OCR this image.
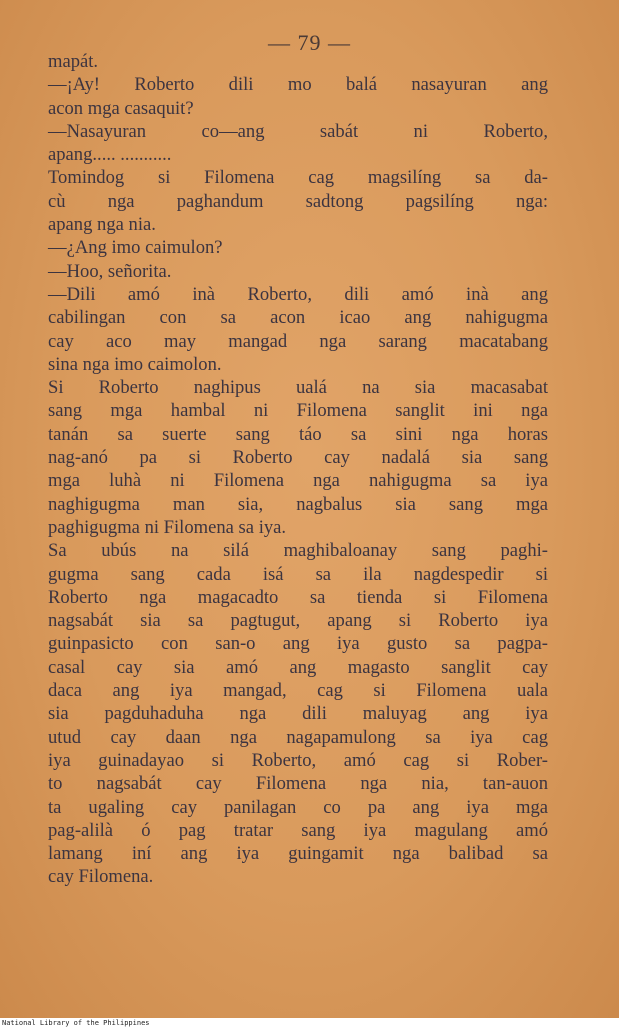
— 79 —
mapát.
—¡Ay! Roberto dili mo balá nasayuran ang
acon mga casaquit?
—Nasayuran co—ang sabát ni Roberto,
apang..... ...........
Tomindog si Filomena cag magsilíng sa da-
cù nga paghandum sadtong pagsilíng nga:
apang nga nia.
—¿Ang imo caimulon?
—Hoo, señorita.
—Dili amó inà Roberto, dili amó inà ang
cabilingan con sa acon icao ang nahigugma
cay aco may mangad nga sarang macatabang
sina nga imo caimolon.
Si Roberto naghipus ualá na sia macasabat
sang mga hambal ni Filomena sanglit ini nga
tanán sa suerte sang táo sa sini nga horas
nag-anó pa si Roberto cay nadalá sia sang
mga luhà ni Filomena nga nahigugma sa iya
naghigugma man sia, nagbalus sia sang mga
paghigugma ni Filomena sa iya.
Sa ubús na silá maghibaloanay sang paghi-
gugma sang cada isá sa ila nagdespedir si
Roberto nga magacadto sa tienda si Filomena
nagsabát sia sa pagtugut, apang si Roberto iya
guinpasicto con san-o ang iya gusto sa pagpa-
casal cay sia amó ang magasto sanglit cay
daca ang iya mangad, cag si Filomena uala
sia pagduhaduha nga dili maluyag ang iya
utud cay daan nga nagapamulong sa iya cag
iya guinadayao si Roberto, amó cag si Rober-
to nagsabát cay Filomena nga nia, tan-auon
ta ugaling cay panilagan co pa ang iya mga
pag-alilà ó pag tratar sang iya magulang amó
lamang iní ang iya guingamit nga balibad sa
cay Filomena.
National Library of the Philippines
